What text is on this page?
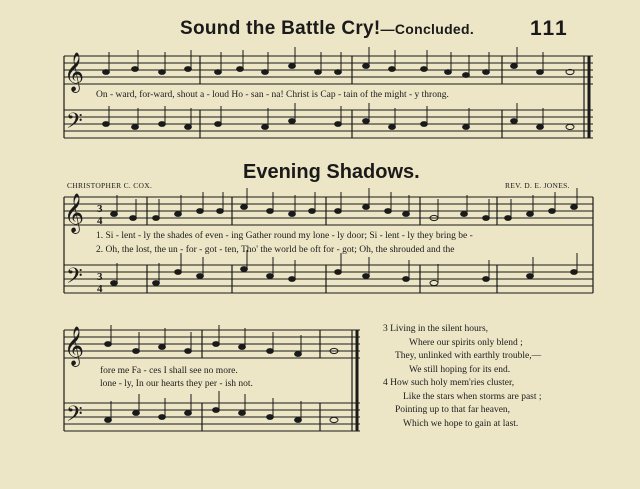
Sound the Battle Cry!—Concluded.	111
𝄞
𝄢
On - ward, for-ward, shout a - loud Ho - san - na! Christ is Cap - tain of the might - y throng.
Evening Shadows.
CHRISTOPHER C. COX.	REV. D. E. JONES.
𝄞
𝄢
3
4
3
4
1. Si - lent - ly the shades of even - ing Gather round my lone - ly door; Si - lent - ly they bring be -
2. Oh, the lost, the un - for - got - ten, Tho' the world be oft for - got; Oh, the shrouded and the
𝄞
𝄢
fore me Fa - ces I shall see no more.
lone - ly, In our hearts they per - ish not.
3 Living in the silent hours,
Where our spirits only blend ;
They, unlinked with earthly trouble,—
We still hoping for its end.
4 How such holy mem'ries cluster,
Like the stars when storms are past ;
Pointing up to that far heaven,
Which we hope to gain at last.
